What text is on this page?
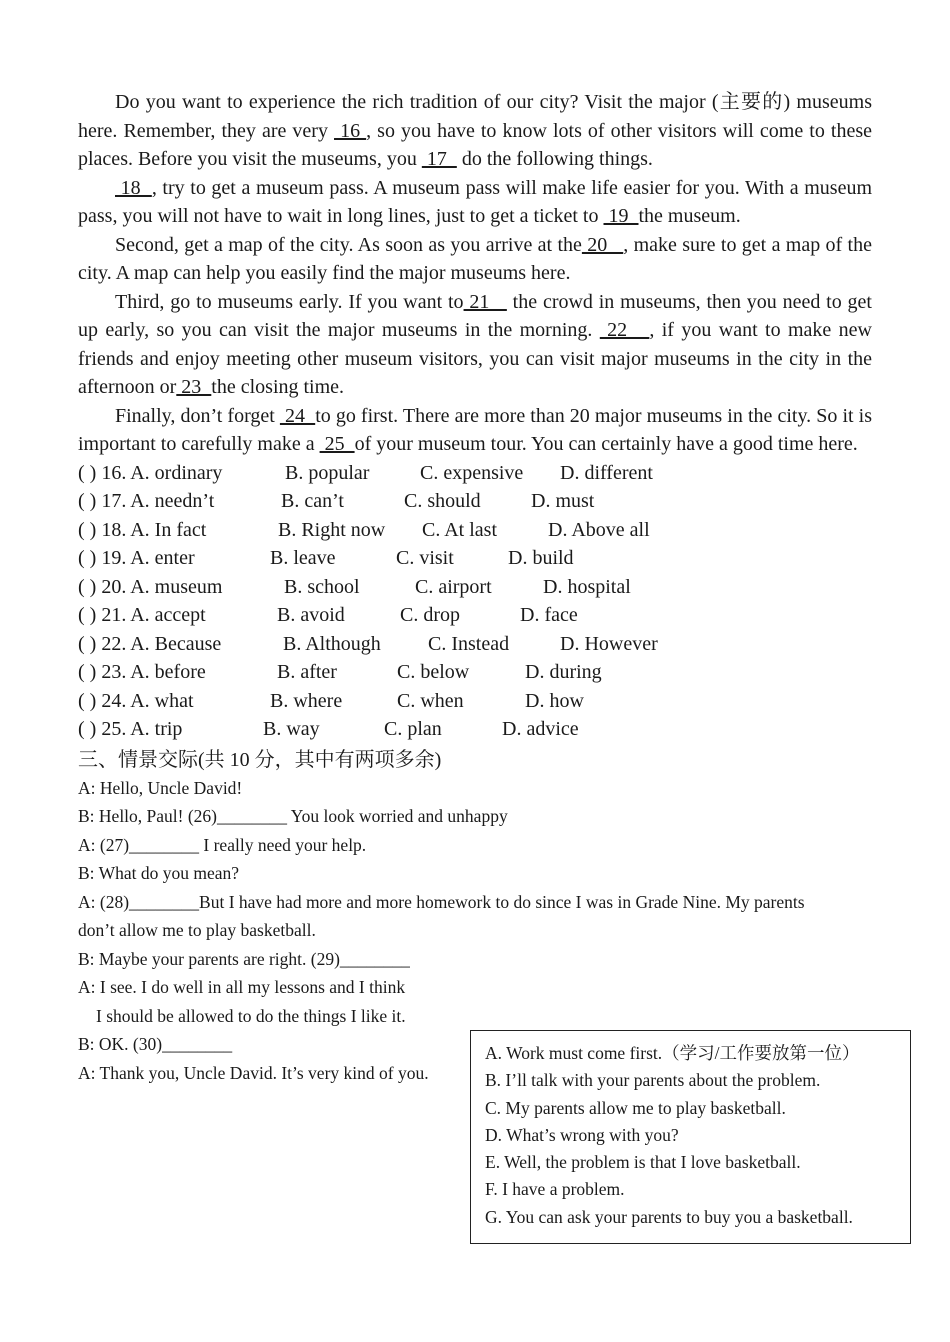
Do you want to experience the rich tradition of our city? Visit the major (主要的) museums here. Remember, they are very  16 , so you have to know lots of other visitors will come to these places. Before you visit the museums, you  17   do the following things.

18  , try to get a museum pass. A museum pass will make life easier for you. With a museum pass, you will not have to wait in long lines, just to get a ticket to  19  the museum.

Second, get a map of the city. As soon as you arrive at the 20   , make sure to get a map of the city. A map can help you easily find the major museums here.

Third, go to museums early. If you want to 21    the crowd in museums, then you need to get up early, so you can visit the major museums in the morning.  22   , if you want to make new friends and enjoy meeting other museum visitors, you can visit major museums in the city in the afternoon or 23  the closing time.

Finally, don’t forget  24  to go first. There are more than 20 major museums in the city. So it is important to carefully make a  25  of your museum tour. You can certainly have a good time here.

( ) 16. A. ordinary	B. popular	C. expensive D. different
( ) 17. A. needn’t	B. can’t	C. should	D. must
( ) 18. A. In fact	B. Right now C. At last	D. Above all
( ) 19. A. enter	B. leave	C. visit	D. build
( ) 20. A. museum	B. school	C. airport	D. hospital
( ) 21. A. accept	B. avoid	C. drop	D. face
( ) 22. A. Because	B. Although C. Instead	D. However
( ) 23. A. before	B. after	C. below	D. during
( ) 24. A. what	B. where	C. when	D. how
( ) 25. A. trip	B. way	C. plan	D. advice
三、情景交际(共 10 分，其中有两项多余)
A: Hello, Uncle David!
B: Hello, Paul! (26)________ You look worried and unhappy
A: (27)________ I really need your help.
B: What do you mean?
A: (28)________But I have had more and more homework to do since I was in Grade Nine. My parents don’t allow me to play basketball.
B: Maybe your parents are right. (29)________
A: I see. I do well in all my lessons and I think
I should be allowed to do the things I like it.
B: OK. (30)________
A: Thank you, Uncle David. It’s very kind of you.
A. Work must come first.（学习/工作要放第一位）
B. I’ll talk with your parents about the problem.
C. My parents allow me to play basketball.
D. What’s wrong with you?
E. Well, the problem is that I love basketball.
F. I have a problem.
G. You can ask your parents to buy you a basketball.
